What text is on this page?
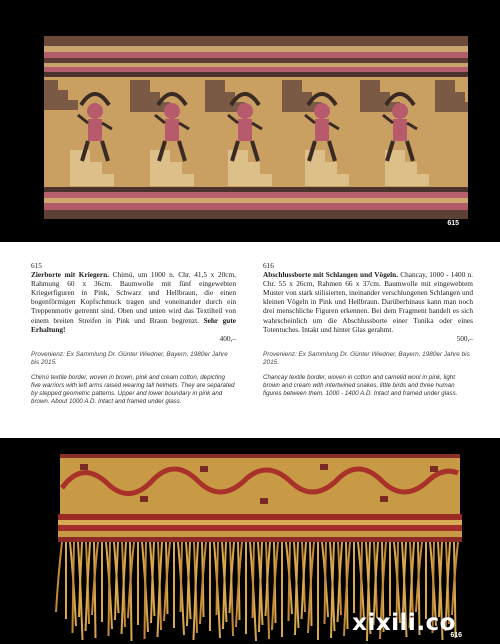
615
615
Zierborte mit Kriegern. Chimú, um 1000 n. Chr. 41,5 x 20cm, Rahmung 60 x 36cm. Baumwolle mit fünf eingewebten Kriegerfiguren in Pink, Schwarz und Hellbraun, die einen bogenförmigen Kopfschmuck tragen und voneinander durch ein Treppenmotiv getrennt sind. Oben und unten wird das Textilteil von einem breiten Streifen in Pink und Braun begrenzt. Sehr gute Erhaltung!
400,–
Provenienz: Ex Sammlung Dr. Günter Wiedner, Bayern, 1980er Jahre bis 2015.
Chimú textile border, woven in brown, pink and cream cotton, depicting five warriors with left arms raised wearing tall helmets. They are separated by stepped geometric patterns. Upper and lower boundary in pink and brown. About 1000 A.D. Intact and framed under glass.
616
Abschlussborte mit Schlangen und Vögeln. Chancay, 1000 - 1400 n. Chr. 55 x 26cm, Rahmen 66 x 37cm. Baumwolle mit eingewebtem Muster von stark stilisierten, ineinander verschlungenen Schlangen und kleinen Vögeln in Pink und Hellbraun. Darüberhinaus kann man noch drei menschliche Figuren erkennen. Bei dem Fragment handelt es sich wahrscheinlich um die Abschlussborte einer Tunika oder eines Totentuches. Intakt und hinter Glas gerahmt.
500,–
Provenienz: Ex Sammlung Dr. Günter Wiedner, Bayern, 1980er Jahre bis 2015.
Chancay textile border, woven in cotton and camelid wool in pink, light brown and cream with intertwined snakes, little birds and three human figures between them. 1000 - 1400 A.D. Intact and framed under glass.
xixili.co
616
